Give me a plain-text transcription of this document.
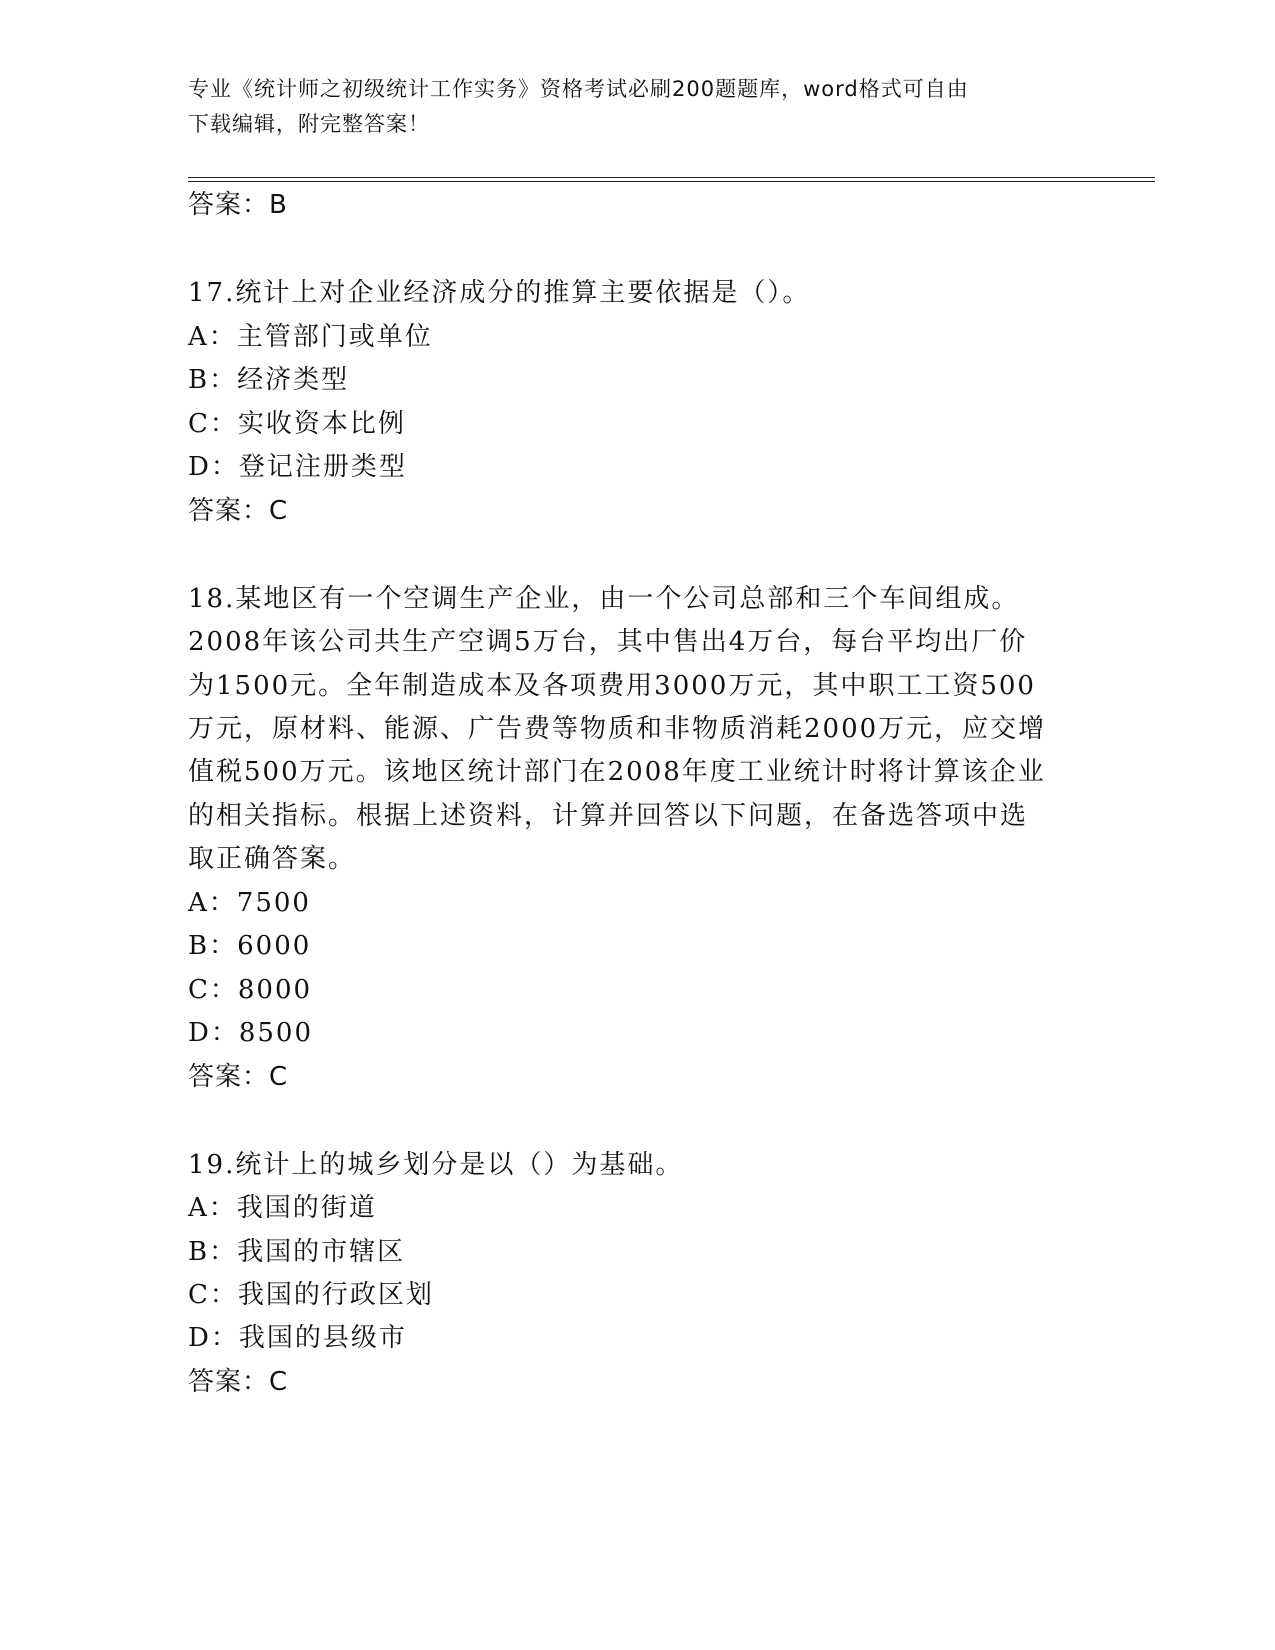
专业《统计师之初级统计工作实务》资格考试必刷200题题库，word格式可自由
下载编辑，附完整答案！
答案：B
17.统计上对企业经济成分的推算主要依据是（）。
A：主管部门或单位
B：经济类型
C：实收资本比例
D：登记注册类型
答案：C
18.某地区有一个空调生产企业，由一个公司总部和三个车间组成。
2008年该公司共生产空调5万台，其中售出4万台，每台平均出厂价
为1500元。全年制造成本及各项费用3000万元，其中职工工资500
万元，原材料、能源、广告费等物质和非物质消耗2000万元，应交增
值税500万元。该地区统计部门在2008年度工业统计时将计算该企业
的相关指标。根据上述资料，计算并回答以下问题，在备选答项中选
取正确答案。
A：7500
B：6000
C：8000
D：8500
答案：C
19.统计上的城乡划分是以（）为基础。
A：我国的街道
B：我国的市辖区
C：我国的行政区划
D：我国的县级市
答案：C
